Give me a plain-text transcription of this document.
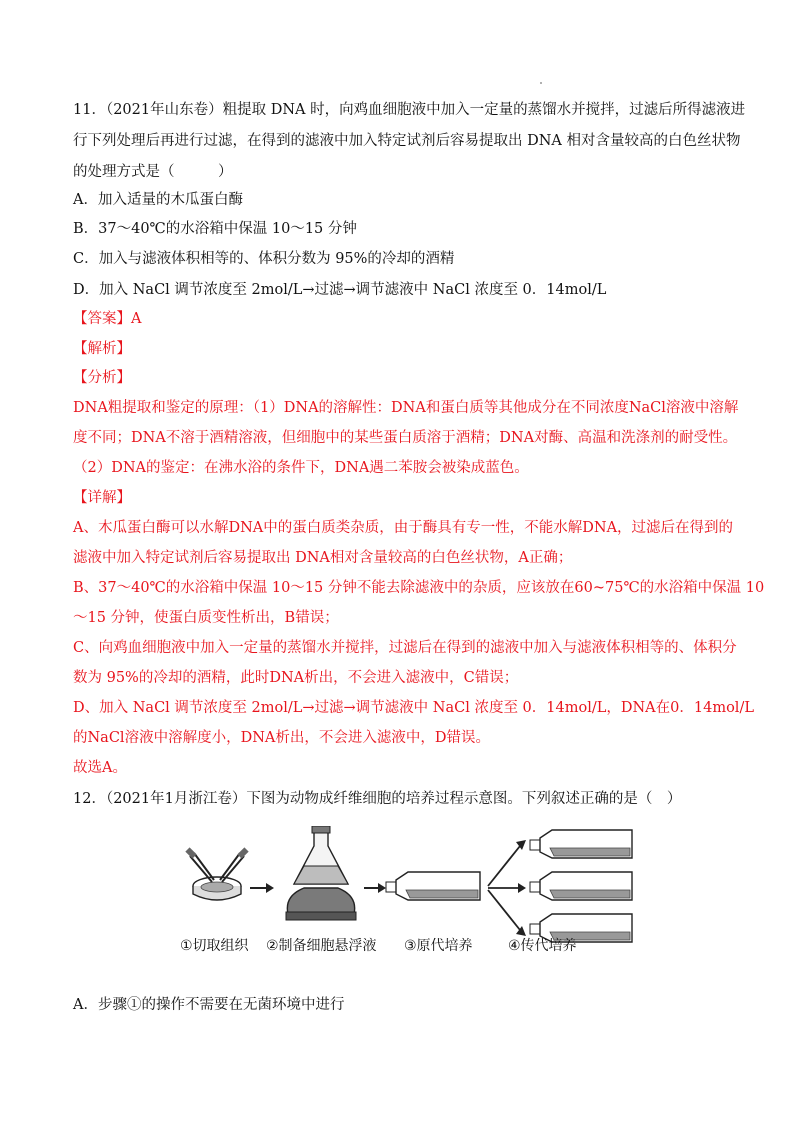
11．（2021年山东卷）粗提取 DNA 时，向鸡血细胞液中加入一定量的蒸馏水并搅拌，过滤后所得滤液进
行下列处理后再进行过滤，在得到的滤液中加入特定试剂后容易提取出 DNA 相对含量较高的白色丝状物
的处理方式是（　　　）
A．加入适量的木瓜蛋白酶
B．37～40℃的水浴箱中保温 10～15 分钟
C．加入与滤液体积相等的、体积分数为 95%的冷却的酒精
D．加入 NaCl 调节浓度至 2mol/L→过滤→调节滤液中 NaCl 浓度至 0．14mol/L
【答案】A
【解析】
【分析】
DNA粗提取和鉴定的原理：（1）DNA的溶解性：DNA和蛋白质等其他成分在不同浓度NaCl溶液中溶解
度不同；DNA不溶于酒精溶液，但细胞中的某些蛋白质溶于酒精；DNA对酶、高温和洗涤剂的耐受性。
（2）DNA的鉴定：在沸水浴的条件下，DNA遇二苯胺会被染成蓝色。
【详解】
A、木瓜蛋白酶可以水解DNA中的蛋白质类杂质，由于酶具有专一性，不能水解DNA，过滤后在得到的
滤液中加入特定试剂后容易提取出 DNA相对含量较高的白色丝状物，A正确；
B、37～40℃的水浴箱中保温 10～15 分钟不能去除滤液中的杂质，应该放在60~75℃的水浴箱中保温 10
～15 分钟，使蛋白质变性析出，B错误；
C、向鸡血细胞液中加入一定量的蒸馏水并搅拌，过滤后在得到的滤液中加入与滤液体积相等的、体积分
数为 95%的冷却的酒精，此时DNA析出，不会进入滤液中，C错误；
D、加入 NaCl 调节浓度至 2mol/L→过滤→调节滤液中 NaCl 浓度至 0．14mol/L，DNA在0．14mol/L
的NaCl溶液中溶解度小，DNA析出，不会进入滤液中，D错误。
故选A。
12．（2021年1月浙江卷）下图为动物成纤维细胞的培养过程示意图。下列叙述正确的是（　）
①切取组织 ②制备细胞悬浮液 ③原代培养	④传代培养
A．步骤①的操作不需要在无菌环境中进行
